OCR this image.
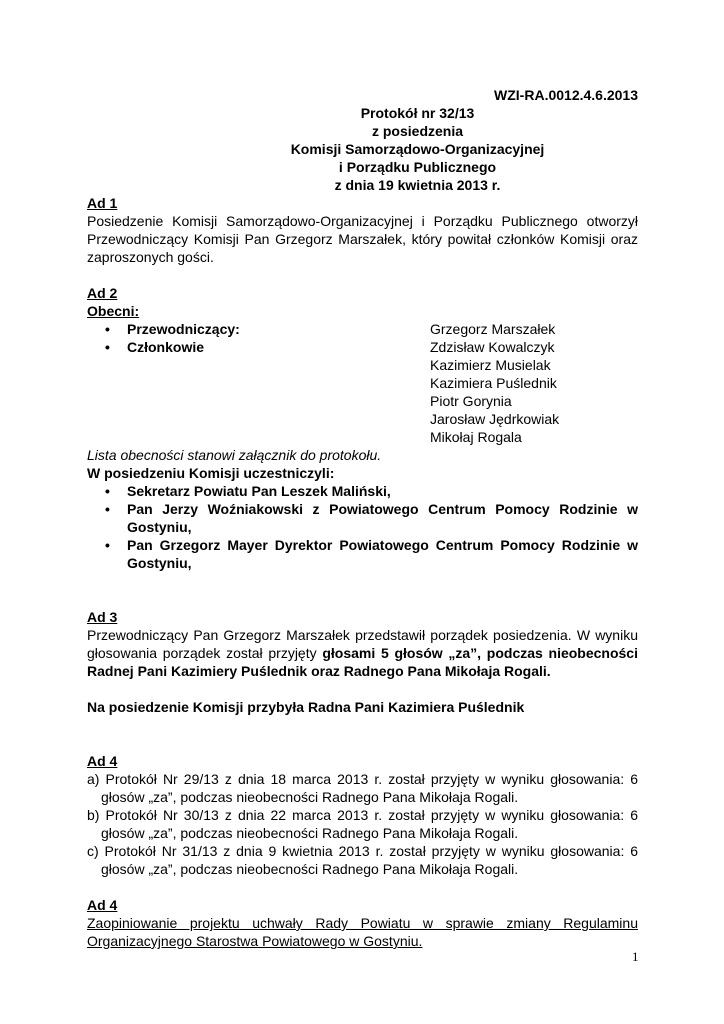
WZI-RA.0012.4.6.2013
Protokół nr 32/13
z posiedzenia
Komisji Samorządowo-Organizacyjnej
i Porządku Publicznego
z dnia 19 kwietnia 2013 r.
Ad 1

Posiedzenie Komisji Samorządowo-Organizacyjnej i Porządku Publicznego otworzył Przewodniczący Komisji Pan Grzegorz Marszałek, który powitał członków Komisji oraz zaproszonych gości.

Ad 2
Obecni:
•	Przewodniczący:	Grzegorz Marszałek
•	Członkowie	Zdzisław Kowalczyk
Kazimierz Musielak
Kazimiera Puślednik
Piotr Gorynia
Jarosław Jędrkowiak
Mikołaj Rogala
Lista obecności stanowi załącznik do protokołu.
W posiedzeniu Komisji uczestniczyli:
•	Sekretarz Powiatu Pan Leszek Maliński,
•	Pan Jerzy Woźniakowski z Powiatowego Centrum Pomocy Rodzinie w Gostyniu,
•	Pan Grzegorz Mayer Dyrektor Powiatowego Centrum Pomocy Rodzinie w Gostyniu,
Ad 3

Przewodniczący Pan Grzegorz Marszałek przedstawił porządek posiedzenia. W wyniku głosowania porządek został przyjęty głosami 5 głosów „za”, podczas nieobecności Radnej Pani Kazimiery Puślednik oraz Radnego Pana Mikołaja Rogali.

Na posiedzenie Komisji przybyła Radna Pani Kazimiera Puślednik
Ad 4
a) Protokół Nr 29/13 z dnia 18 marca 2013 r. został przyjęty w wyniku głosowania: 6 głosów „za”, podczas nieobecności Radnego Pana Mikołaja Rogali.
b) Protokół Nr 30/13 z dnia 22 marca 2013 r. został przyjęty w wyniku głosowania: 6 głosów „za”, podczas nieobecności Radnego Pana Mikołaja Rogali.
c) Protokół Nr 31/13 z dnia 9 kwietnia 2013 r. został przyjęty w wyniku głosowania: 6 głosów „za”, podczas nieobecności Radnego Pana Mikołaja Rogali.
Ad 4

Zaopiniowanie projektu uchwały Rady Powiatu w sprawie zmiany Regulaminu Organizacyjnego Starostwa Powiatowego w Gostyniu.

1
